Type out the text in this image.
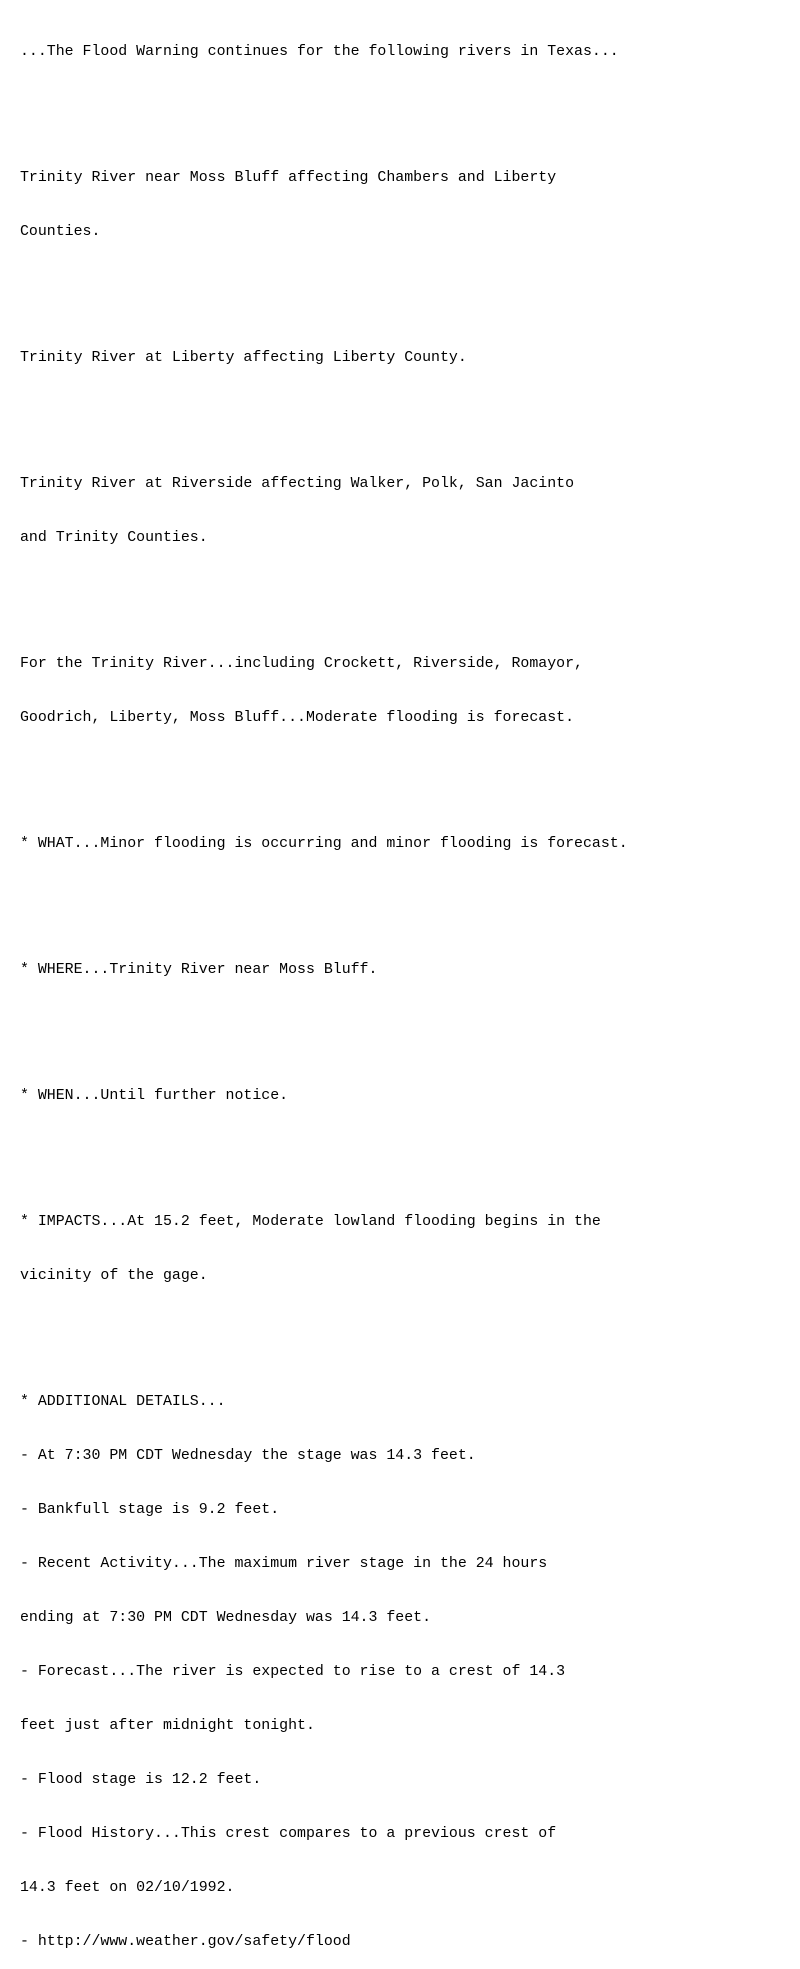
...The Flood Warning continues for the following rivers in Texas...

Trinity River near Moss Bluff affecting Chambers and Liberty

Counties.

Trinity River at Liberty affecting Liberty County.

Trinity River at Riverside affecting Walker, Polk, San Jacinto

and Trinity Counties.

For the Trinity River...including Crockett, Riverside, Romayor,

Goodrich, Liberty, Moss Bluff...Moderate flooding is forecast.

* WHAT...Minor flooding is occurring and minor flooding is forecast.

* WHERE...Trinity River near Moss Bluff.

* WHEN...Until further notice.

* IMPACTS...At 15.2 feet, Moderate lowland flooding begins in the

vicinity of the gage.

* ADDITIONAL DETAILS...

- At 7:30 PM CDT Wednesday the stage was 14.3 feet.

- Bankfull stage is 9.2 feet.

- Recent Activity...The maximum river stage in the 24 hours

ending at 7:30 PM CDT Wednesday was 14.3 feet.

- Forecast...The river is expected to rise to a crest of 14.3

feet just after midnight tonight.

- Flood stage is 12.2 feet.

- Flood History...This crest compares to a previous crest of

14.3 feet on 02/10/1992.

- http://www.weather.gov/safety/flood
